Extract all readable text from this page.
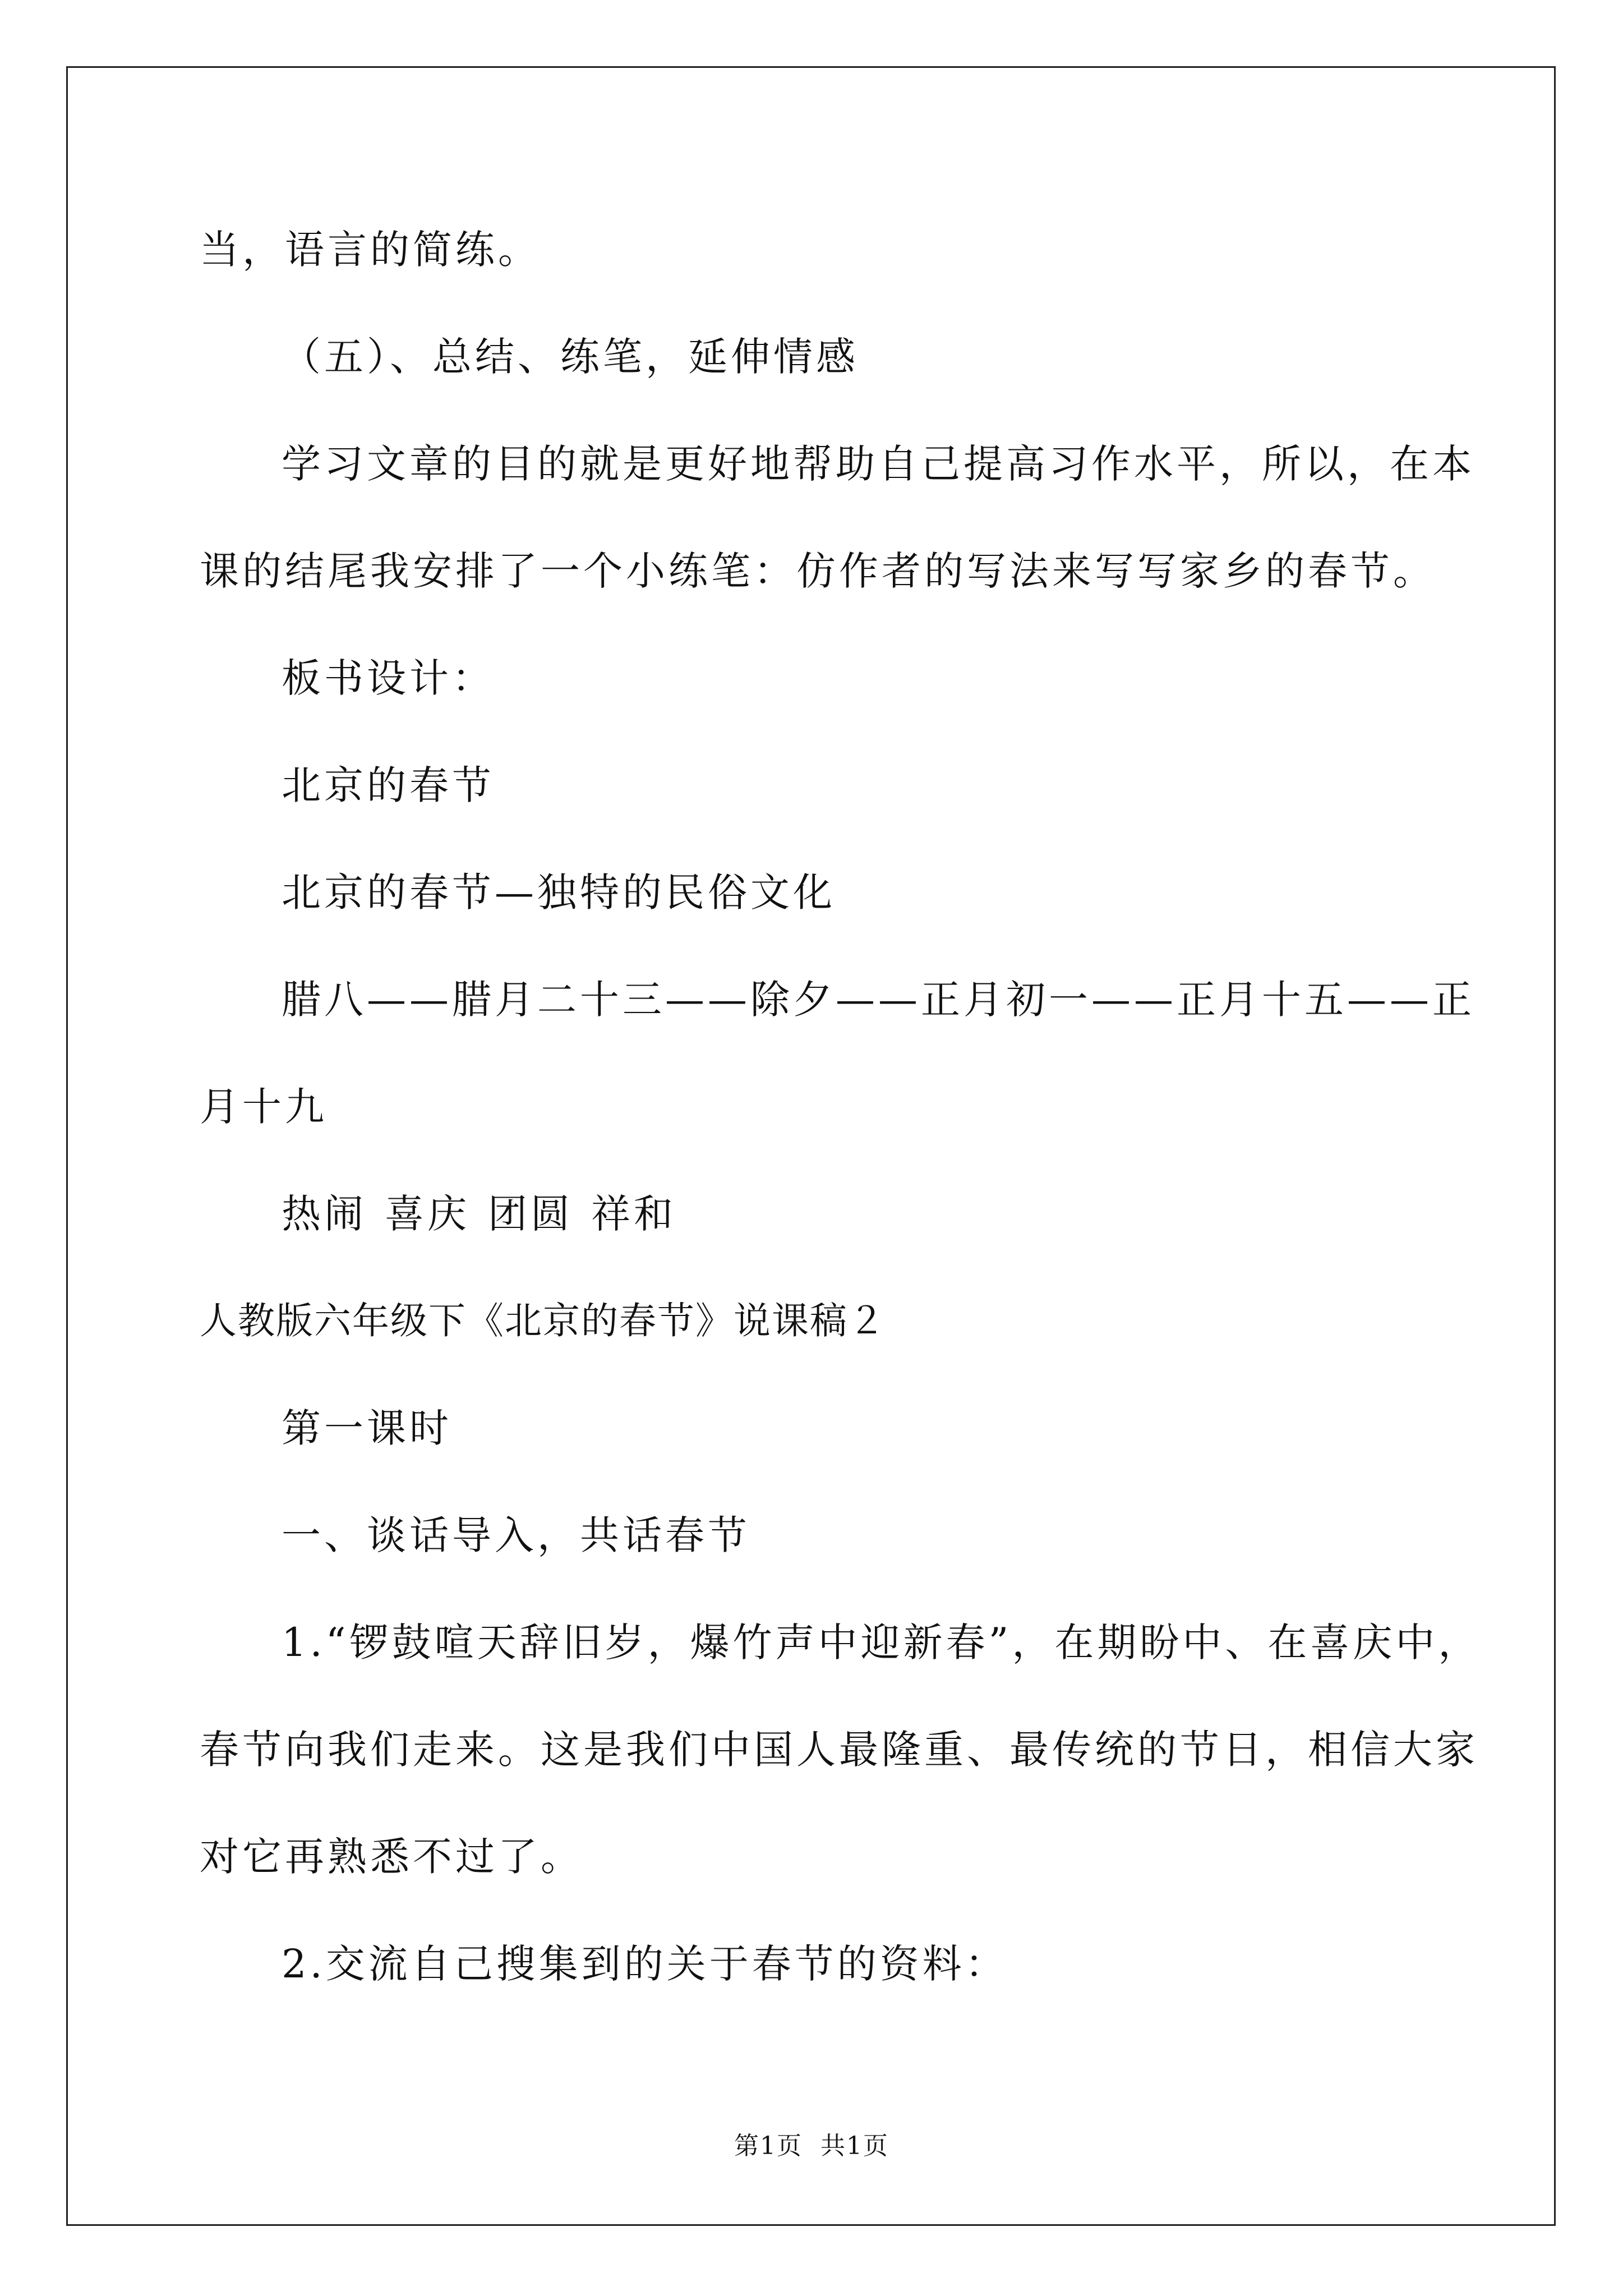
当，语言的简练。
（五）、总结、练笔，延伸情感
学习文章的目的就是更好地帮助自己提高习作水平，所以，在本
课的结尾我安排了一个小练笔：仿作者的写法来写写家乡的春节。
板书设计：
北京的春节
北京的春节—独特的民俗文化
腊八——腊月二十三——除夕——正月初一——正月十五——正
月十九
热闹 喜庆 团圆 祥和
人教版六年级下《北京的春节》说课稿２
第一课时
一、谈话导入，共话春节
1.“锣鼓喧天辞旧岁，爆竹声中迎新春”，在期盼中、在喜庆中，
春节向我们走来。这是我们中国人最隆重、最传统的节日，相信大家
对它再熟悉不过了。
2.交流自己搜集到的关于春节的资料：
第1页 共1页
